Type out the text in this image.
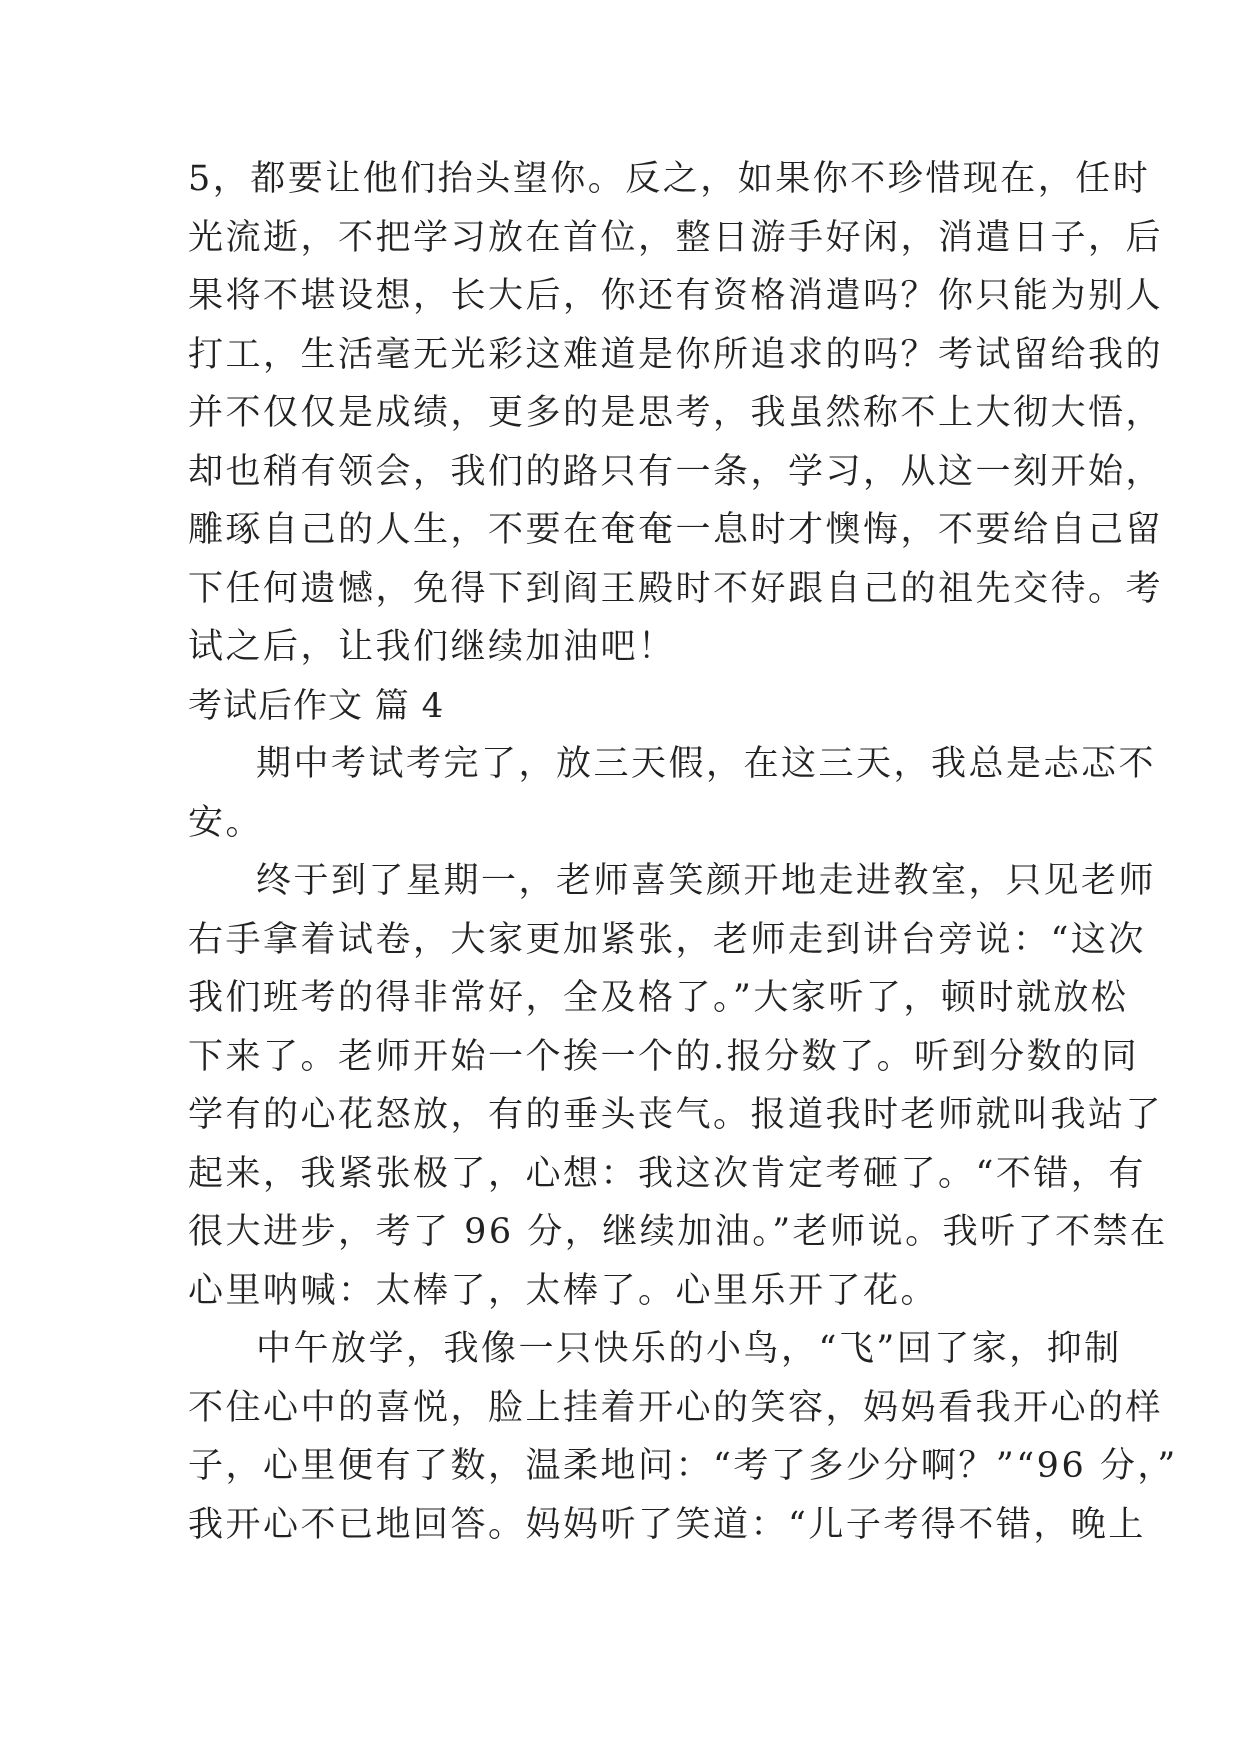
5，都要让他们抬头望你。反之，如果你不珍惜现在，任时
光流逝，不把学习放在首位，整日游手好闲，消遣日子，后
果将不堪设想，长大后，你还有资格消遣吗？你只能为别人
打工，生活毫无光彩这难道是你所追求的吗？考试留给我的
并不仅仅是成绩，更多的是思考，我虽然称不上大彻大悟，
却也稍有领会，我们的路只有一条，学习，从这一刻开始，
雕琢自己的人生，不要在奄奄一息时才懊悔，不要给自己留
下任何遗憾，免得下到阎王殿时不好跟自己的祖先交待。考
试之后，让我们继续加油吧！
考试后作文 篇 4
期中考试考完了，放三天假，在这三天，我总是忐忑不
安。
终于到了星期一，老师喜笑颜开地走进教室，只见老师
右手拿着试卷，大家更加紧张，老师走到讲台旁说：“这次
我们班考的得非常好，全及格了。”大家听了，顿时就放松
下来了。老师开始一个挨一个的.报分数了。听到分数的同
学有的心花怒放，有的垂头丧气。报道我时老师就叫我站了
起来，我紧张极了，心想：我这次肯定考砸了。“不错，有
很大进步，考了 96 分，继续加油。”老师说。我听了不禁在
心里呐喊：太棒了，太棒了。心里乐开了花。
中午放学，我像一只快乐的小鸟，“飞”回了家，抑制
不住心中的喜悦，脸上挂着开心的笑容，妈妈看我开心的样
子，心里便有了数，温柔地问：“考了多少分啊？”“96 分，”
我开心不已地回答。妈妈听了笑道：“儿子考得不错，晚上
